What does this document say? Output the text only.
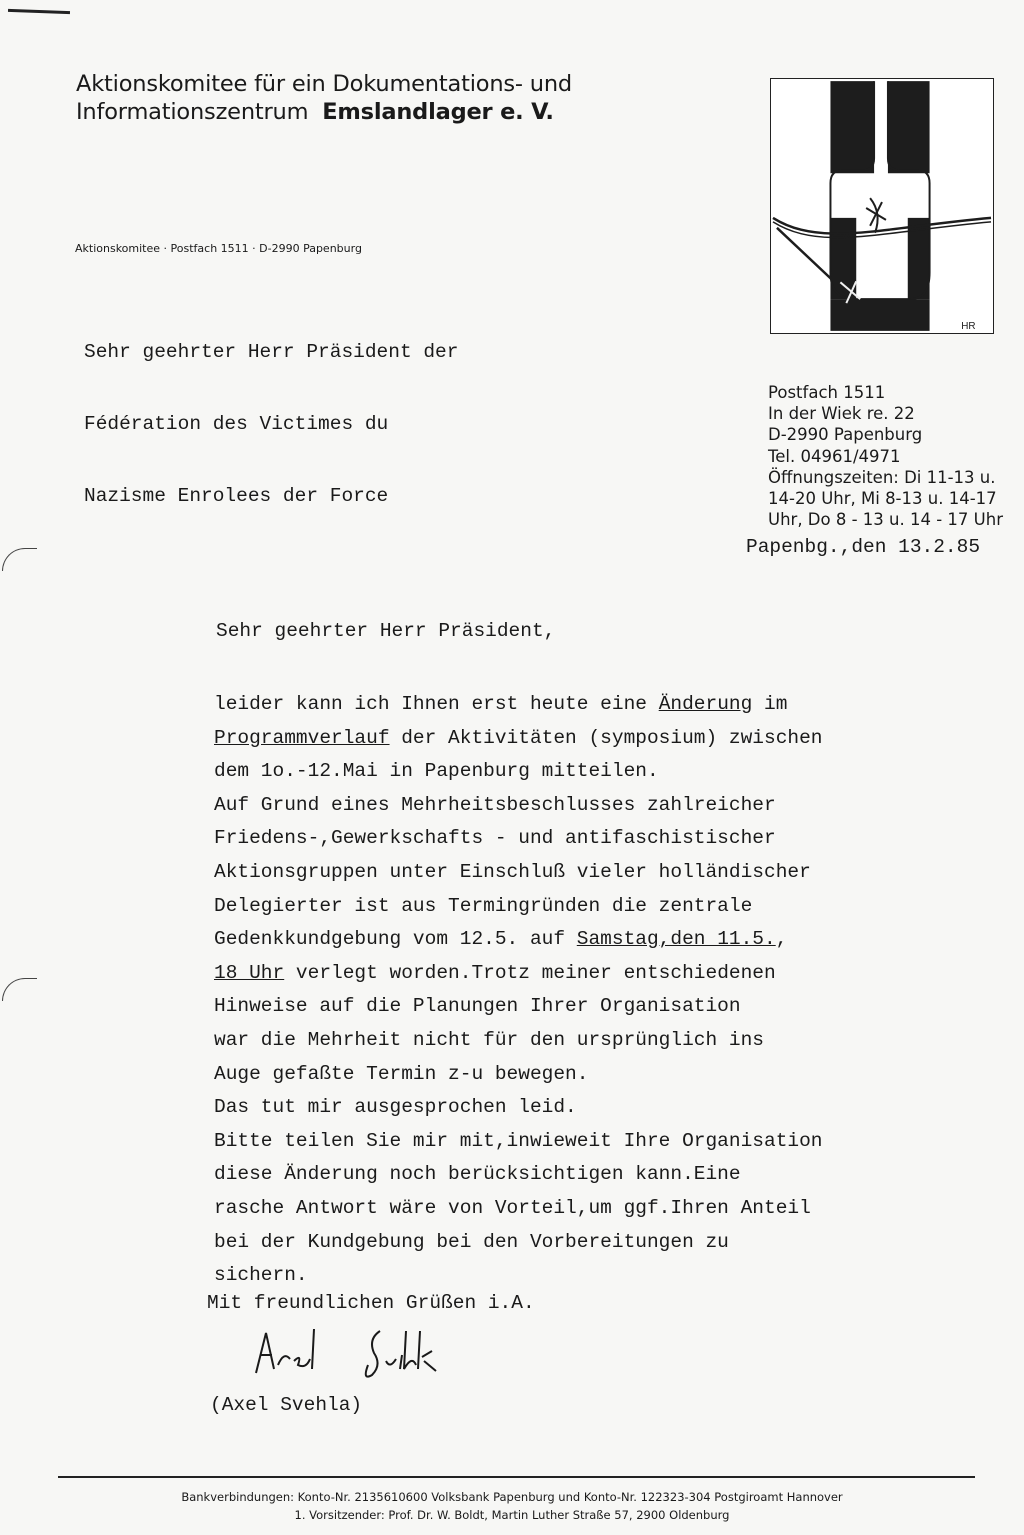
Aktionskomitee für ein Dokumentations- und
Informationszentrum Emslandlager e. V.
Aktionskomitee · Postfach 1511 · D-2990 Papenburg

Sehr geehrter Herr Präsident der

Fédération des Victimes du

Nazisme Enrolees der Force

HR
Postfach 1511
In der Wiek re. 22
D-2990 Papenburg
Tel. 04961/4971
Öffnungszeiten: Di 11-13 u.
14-20 Uhr, Mi 8-13 u. 14-17
Uhr, Do 8 - 13 u. 14 - 17 Uhr
Papenbg.,den 13.2.85
Sehr geehrter Herr Präsident,
leider kann ich Ihnen erst heute eine Änderung im
Programmverlauf der Aktivitäten (symposium) zwischen
dem 1o.-12.Mai in Papenburg mitteilen.
Auf Grund eines Mehrheitsbeschlusses zahlreicher
Friedens-,Gewerkschafts - und antifaschistischer
Aktionsgruppen unter Einschluß vieler holländischer
Delegierter ist aus Termingründen die zentrale
Gedenkkundgebung vom 12.5. auf Samstag,den 11.5.,
18 Uhr verlegt worden.Trotz meiner entschiedenen
Hinweise auf die Planungen Ihrer Organisation
war die Mehrheit nicht für den ursprünglich ins
Auge gefaßte Termin z-u bewegen.
Das tut mir ausgesprochen leid.
Bitte teilen Sie mir mit,inwieweit Ihre Organisation
diese Änderung noch berücksichtigen kann.Eine
rasche Antwort wäre von Vorteil,um ggf.Ihren Anteil
bei der Kundgebung bei den Vorbereitungen zu
sichern.
Mit freundlichen Grüßen i.A.
(Axel Svehla)
Bankverbindungen: Konto-Nr. 2135610600 Volksbank Papenburg und Konto-Nr. 122323-304 Postgiroamt Hannover
1. Vorsitzender: Prof. Dr. W. Boldt, Martin Luther Straße 57, 2900 Oldenburg
